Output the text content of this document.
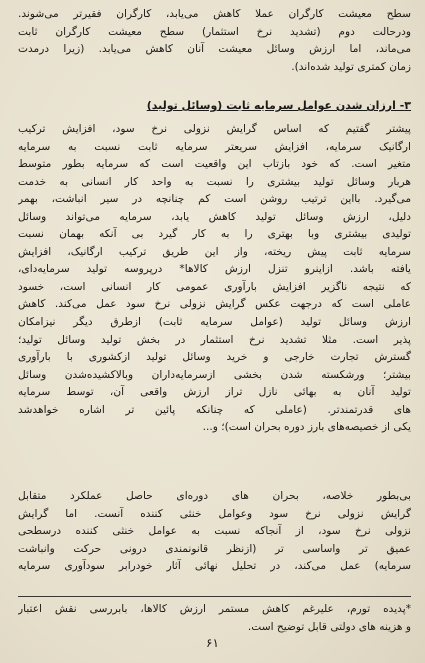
سطح معیشت کارگران عملا کاهش می‌یابد، کارگران فقیرتر می‌شوند.
ودرحالت دوم (تشدید نرخ استثمار) سطح معیشت کارگران ثابت
می‌ماند، اما ارزش وسائل معیشت آنان کاهش می‌یابد. (زیرا درمدت
زمان کمتری تولید شده‌اند).
۳- ارزان شدن عوامل سرمایه ثابت (وسائل تولید)
پیشتر گفتیم که اساس گرایش نزولی نرخ سود، افزایش ترکیب
ارگانیک سرمایه، افزایش سریعتر سرمایه ثابت نسبت به سرمایه
متغیر است. که خود بازتاب این واقعیت است که سرمایه بطور متوسط
هربار وسائل تولید بیشتری را نسبت به واحد کار انسانی به خدمت
می‌گیرد. بااین ترتیب روشن است کم چنانچه در سیر انباشت، بهمر
دلیل، ارزش وسائل تولید کاهش یابد، سرمایه می‌تواند وسائل
تولیدی بیشتری وبا بهتری را به کار گیرد بی آنکه بهمان نسبت
سرمایه ثابت پیش ریخته، واز این طریق ترکیب ارگانیک، افزایش
یافته باشد. ازاینرو تنزل ارزش کالاها* درپروسه تولید سرمایه‌دای،
که نتیجه ناگزیر افزایش بارآوری عمومی کار انسانی است، خسود
عاملی است که درجهت عکس گرایش نزولی نرخ سود عمل می‌کند. کاهش
ارزش وسائل تولید (عوامل سرمایه ثابت) ازطرق دیگر نیزامکان
پذیر است. مثلا تشدید نرخ استثمار در بخش تولید وسائل تولید؛
گسترش تجارت خارجی و خرید وسائل تولید ازکشوری با بارآوری
بیشتر؛ ورشکسته شدن بخشی ازسرمایه‌داران وبالاکشیده‌شدن وسائل
تولید آنان به بهائی نازل تراز ارزش واقعی آن، توسط سرمایه
های قدرتمندتر. (عاملی که چنانکه پائین تر اشاره خواهدشد
یکی از خصیصه‌های بارز دوره بحران است)؛ و...
بی‌بطور خلاصه، بحران های دوره‌ای حاصل عملکرد متقابل
گرایش نزولی نرخ سود وعوامل خنثی کننده آنست. اما گرایش
نزولی نرخ سود، از آنجاکه نسبت به عوامل خنثی کننده درسطحی
عمیق تر واساسی تر (ازنظر قانونمندی درونی حرکت وانباشت
سرمایه) عمل می‌کند، در تحلیل نهائی آثار خودرابر سودآوری سرمایه
*پدیده تورم، علیرغم کاهش مستمر ارزش کالاها، بابررسی نقش اعتبار
و هزینه های دولتی قابل توضیح است.
۶۱
